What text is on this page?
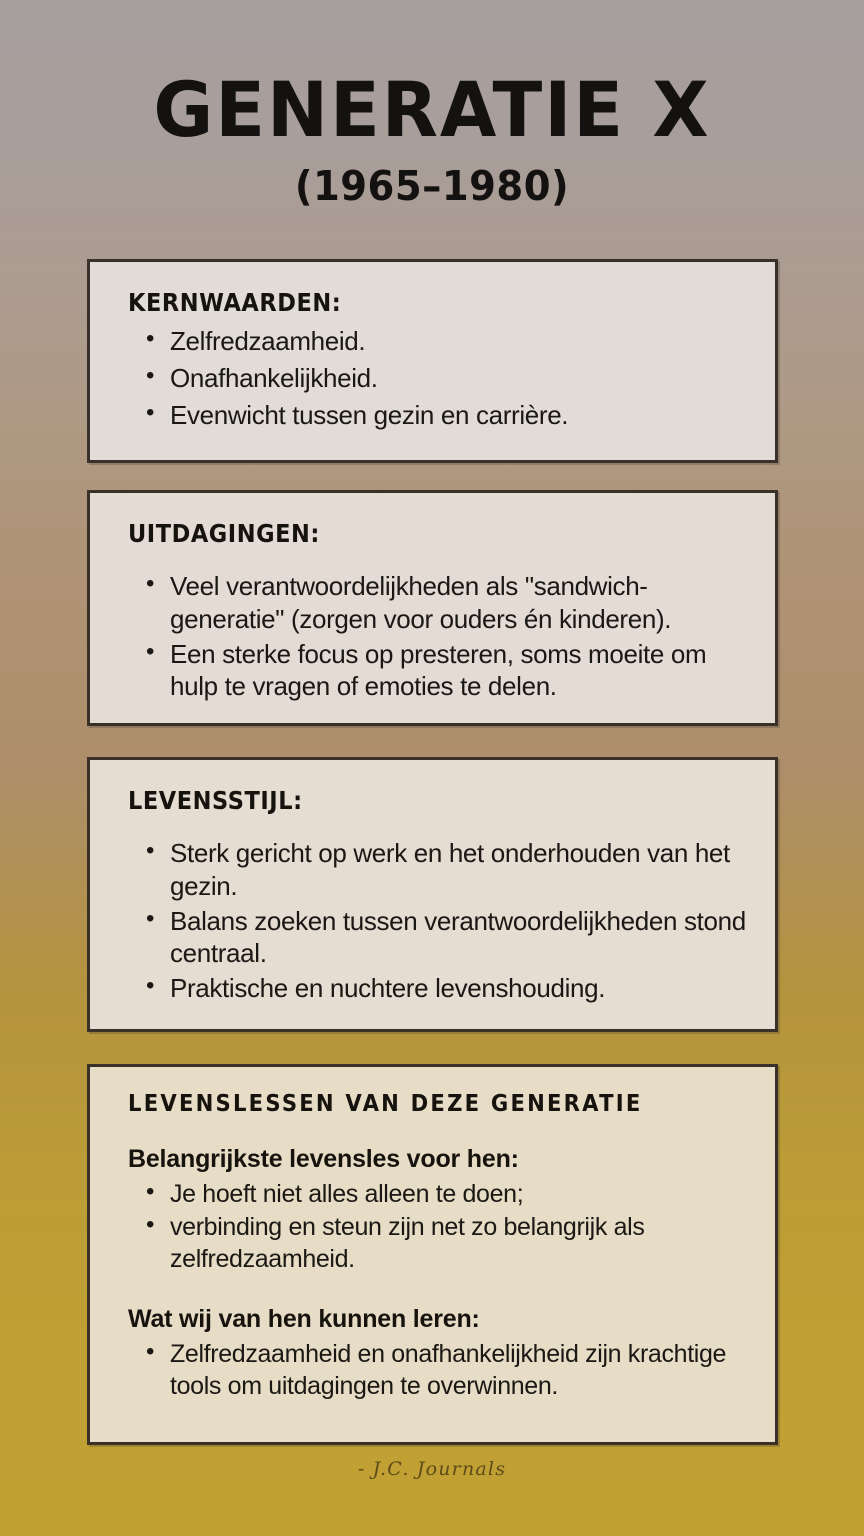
GENERATIE X
(1965–1980)
KERNWAARDEN:
• Zelfredzaamheid.
• Onafhankelijkheid.
• Evenwicht tussen gezin en carrière.
UITDAGINGEN:
• Veel verantwoordelijkheden als "sandwich-generatie" (zorgen voor ouders én kinderen).
• Een sterke focus op presteren, soms moeite om hulp te vragen of emoties te delen.
LEVENSSTIJL:
• Sterk gericht op werk en het onderhouden van het gezin.
• Balans zoeken tussen verantwoordelijkheden stond centraal.
• Praktische en nuchtere levenshouding.
LEVENSLESSEN VAN DEZE GENERATIE
Belangrijkste levensles voor hen:
• Je hoeft niet alles alleen te doen;
• verbinding en steun zijn net zo belangrijk als zelfredzaamheid.
Wat wij van hen kunnen leren:
• Zelfredzaamheid en onafhankelijkheid zijn krachtige tools om uitdagingen te overwinnen.
- J.C. Journals
